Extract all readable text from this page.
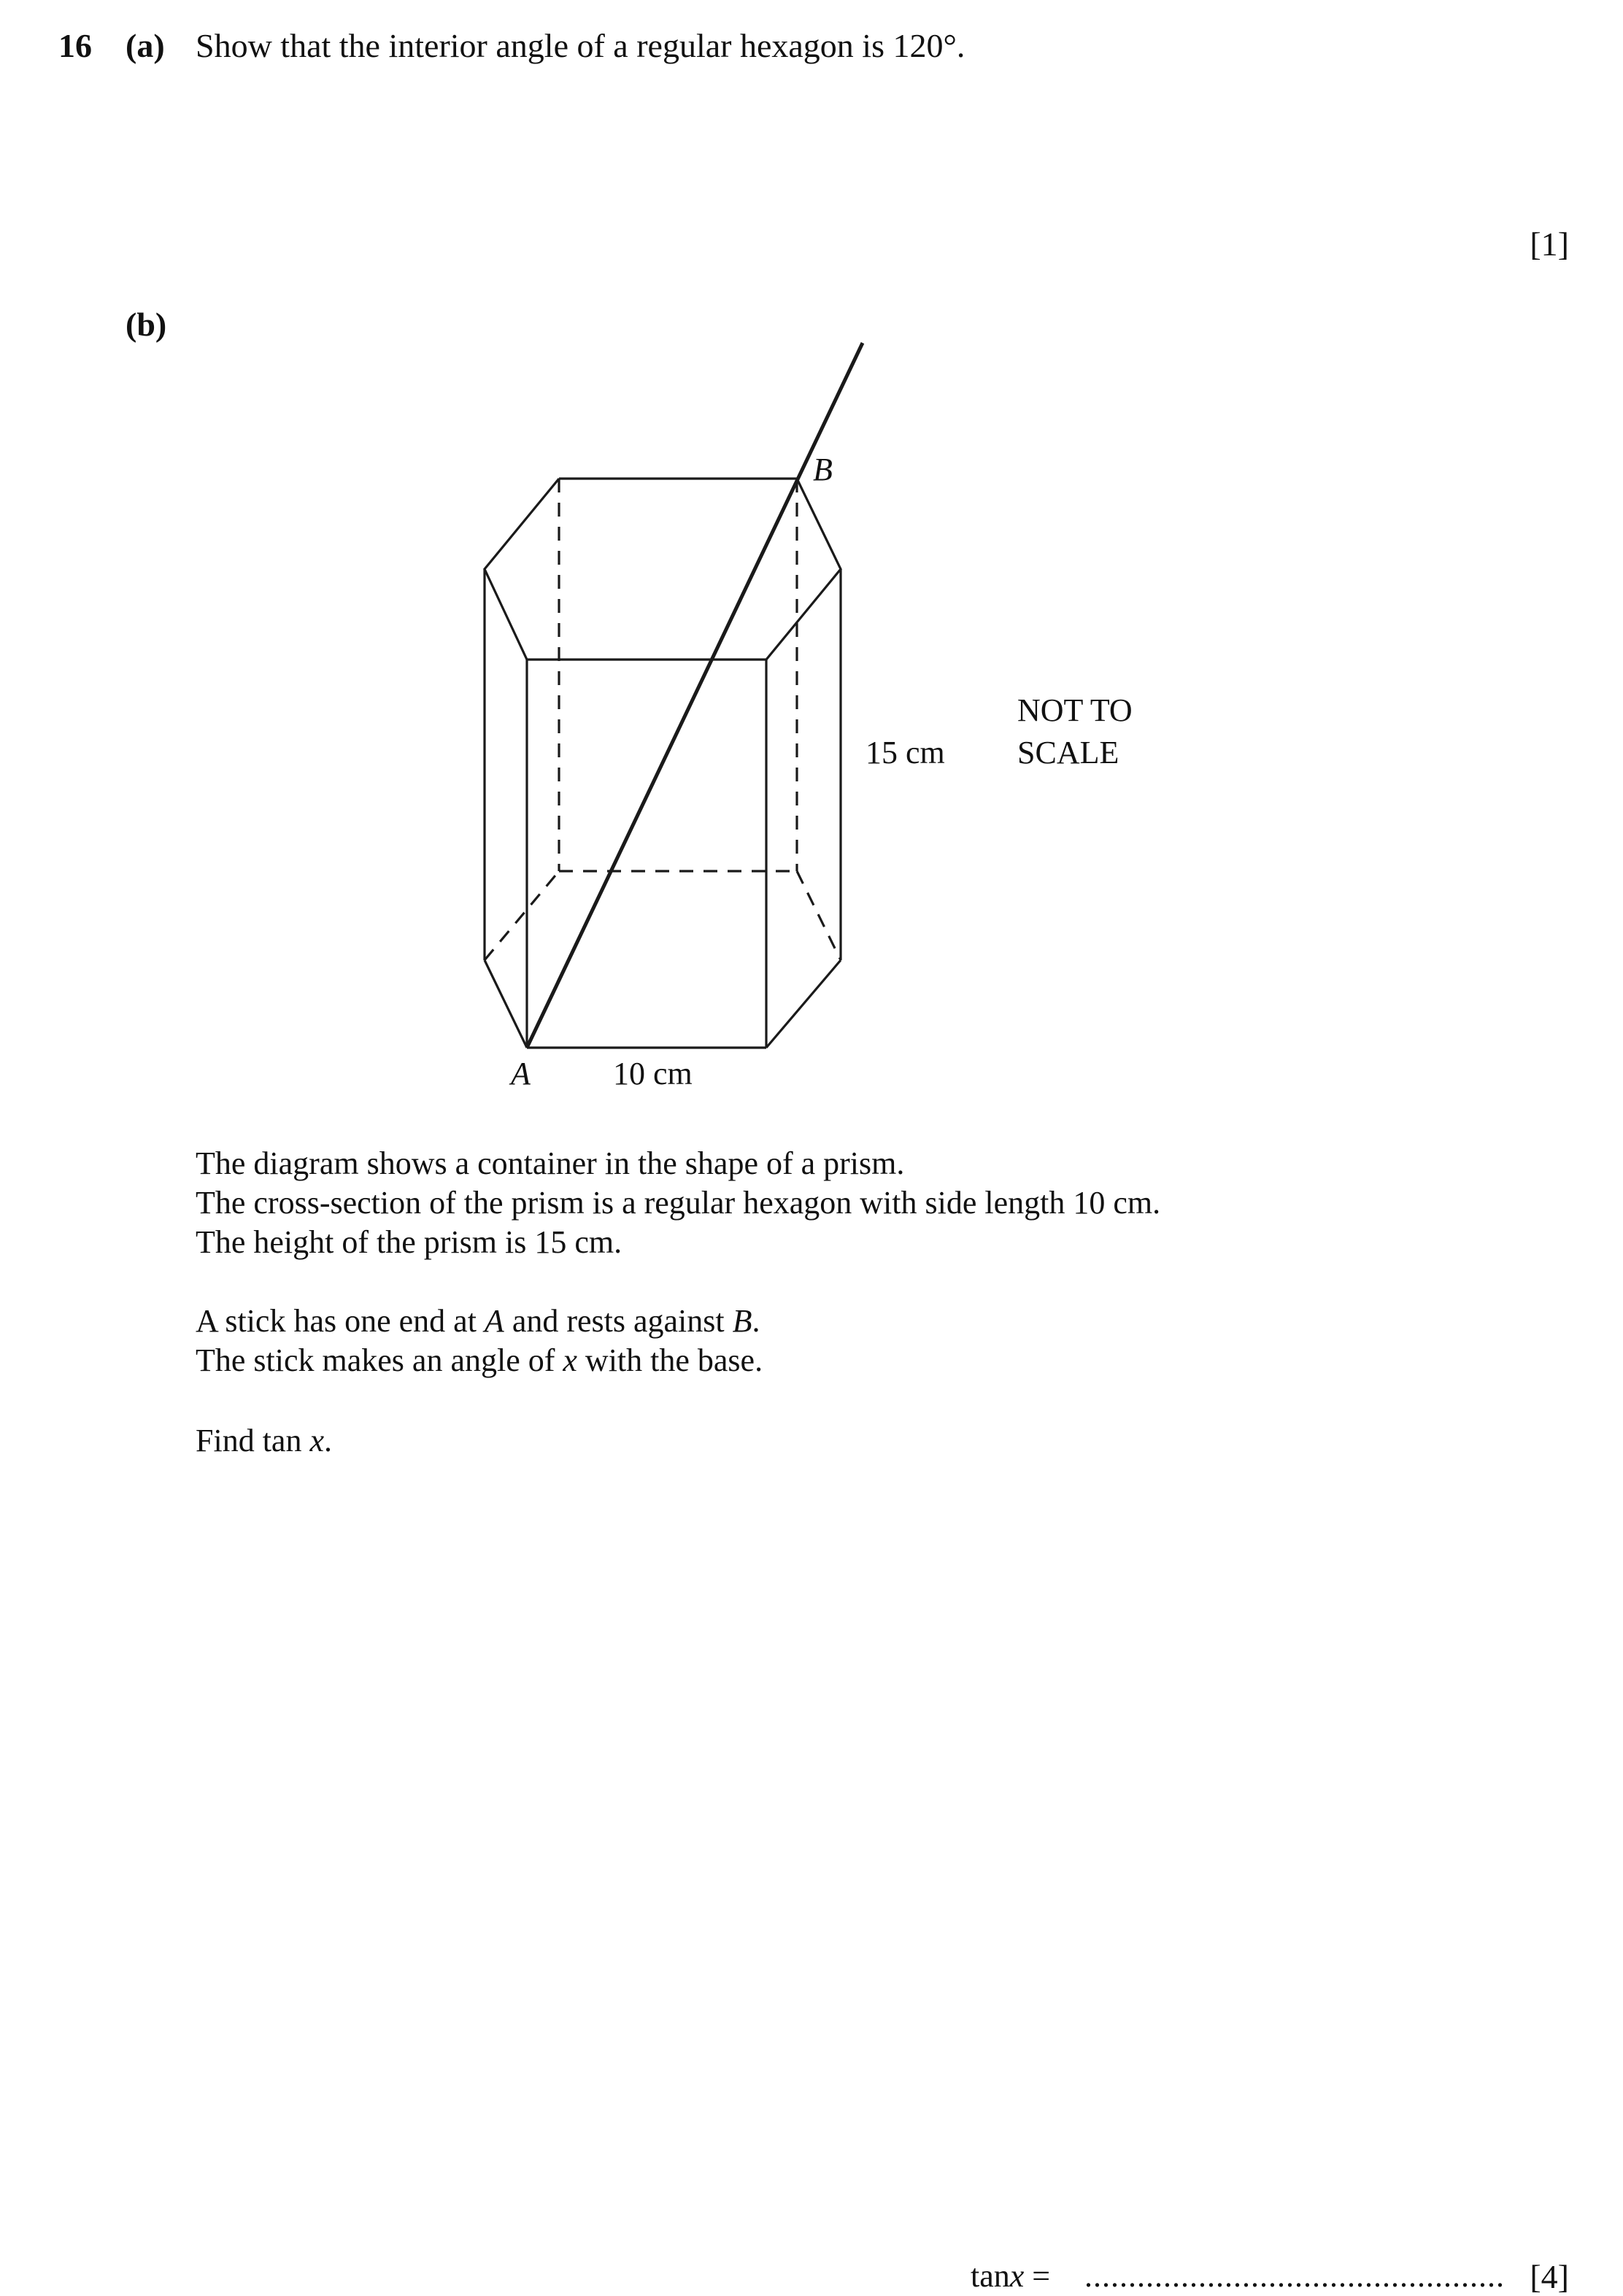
16 (a) Show that the interior angle of a regular hexagon is 120°.
[1]
(b)
B
A	10 cm
15 cm
NOT TO
SCALE
The diagram shows a container in the shape of a prism.
The cross-section of the prism is a regular hexagon with side length 10 cm.
The height of the prism is 15 cm.
A stick has one end at A and rests against B.
The stick makes an angle of x with the base.
Find tan x.
tanx = ................................................ [4]
